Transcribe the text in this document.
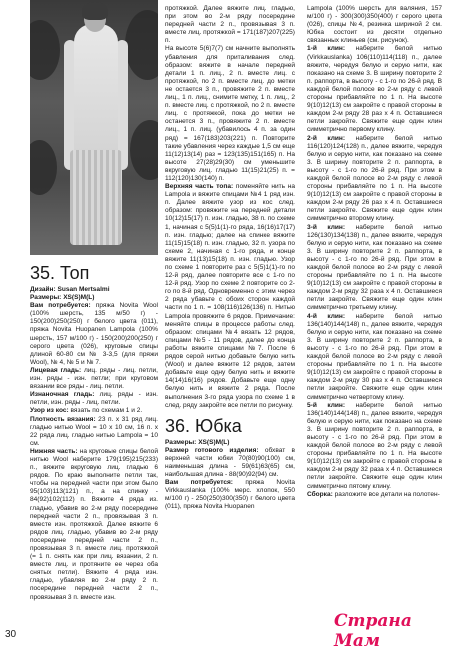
35. Топ

Дизайн: Susan Mertsalmi

Размеры: XS(S)M(L)

Вам потребуется: пряжа Novita Wool (100% шерсть, 135 м/50 г) - 150(200)250(250) г белого цвета (011), пряжа Novita Huopanen Lampola (100% шерсть, 157 м/100 г) - 150(200)200(250) г серого цвета (026), круговые спицы длиной 60-80 см № 3-3,5 (для пряжи Wool), № 4, № 5 и № 7.

Лицевая гладь: лиц. ряды - лиц. петли, изн. ряды - изн. петли; при круговом вязании все ряды - лиц. петли.

Изнаночная гладь: лиц. ряды - изн. петли, изн. ряды - лиц. петли.

Узор из кос: вязать по схемам 1 и 2.

Плотность вязания: 23 п. х 31 ряд лиц. гладью нитью Wool = 10 х 10 см, 16 п. х 22 ряда лиц. гладью нитью Lampola = 10 см.

Нижняя часть: на круговые спицы белой нитью Wool наберите 179(195)215(233) п., вяжите вкруговую лиц. гладью 6 рядов. По краю выполните петли так, чтобы на передней части при этом было 95(103)113(121) п., а на спинку - 84(92)102(112) п. Вяжите 4 ряда из. гладью, убавив во 2-м ряду посередине передней части 2 п., провязывая 3 п. вместе изн. протяжкой. Далее вяжите 6 рядов лиц. гладью, убавив во 2-м ряду посередине передней части 2 п., провязывая 3 п. вместе лиц. протяжкой (= 1 п. снять как при лиц. вязании, 2 п. вместе лиц. и протяните ее через оба снятых петли). Вяжите 4 ряда изн. гладью, убавляя во 2-м ряду 2 п. посередине передней части 2 п., провязывая 3 п. вместе изн.

протяжкой. Далее вяжите лиц. гладью, при этом во 2-м ряду посередине передней части 2 п., провязывая 3 п. вместе лиц. протяжкой = 171(187)207(225) п.

На высоте 5(6)7(7) см начните выполнять убавления для приталивания след. образом: вяжите в начале передней детали 1 п. лиц., 2 п. вместе лиц. с протяжкой, по 2 п. вместе лиц. до метки не остается 3 п., провяжите 2 п. вместе лиц., 1 п. лиц., снимите метку, 1 п. лиц., 2 п. вместе лиц. с протяжкой, по 2 п. вместе лиц. с протяжкой, пока до метки не останется 3 п., провяжите 2 п. вместе лиц., 1 п. лиц. (убавилось 4 п. за один ряд) = 167(183)203(221) п. Повторите такие убавления через каждые 1,5 см еще 11(12)13(14) раз = 123(135)151(165) п. На высоте 27(28)29(30) см уменьшите вкруговую лиц. гладью 11(15)21(25) п. = 112(120)130(140) п.

Верхняя часть топа: поменяйте нить на Lampola и вяжите спицами №4 1 ряд изн. п. Далее вяжите узор из кос след. образом: провяжите на передней детали 10(12)15(17) п. изн. гладью, 38 п. по схеме 1, начиная с 5(5)1(1)-го ряда, 16(16)17(17) п. изн. гладью; далее на спинке вяжите 11(15)15(18) п. изн. гладью, 32 п. узора по схеме 2, начиная с 1-го ряда, и конце вяжите 11(13)15(18) п. изн. гладью. Узор по схеме 1 повторите раз с 5(5)1(1)-го по 12-й ряд, далее повторите все с 1-го по 12-й ряд. Узор по схеме 2 повторите со 2-го по 8-й ряд. Одновременно с этим через 2 ряда убавьте с обоих сторон каждой части по 1 п. = 108(116)126(136) п. Нитью Lampola провяжите 6 рядов. Примечание: меняйте спицы в процессе работы след. образом: спицами №4 вязать 12 рядов, спицами №5 - 11 рядов, далее до конца работы вяжите спицами №7. После 6 рядов серой нитью добавьте белую нить (Wool) и далее вяжите 12 рядов, затем добавьте еще одну белую нить и вяжите 14(14)16(16) рядов. Добавьте еще одну белую нить и вяжите 2 ряда. После выполнения 3-го ряда узора по схеме 1 в след. ряду закройте все петли по рисунку.

36. Юбка

Размеры: XS(S)M(L)

Размер готового изделия: обхват в верхней части юбки 70(80)90(100) см, наименьшая длина - 59(61)63(65) см, наибольшая длина - 88(90)92(94) см.

Вам потребуется: пряжа Novita Virkkauslanka (100% мерс. хлопок, 550 м/100 г) - 250(250)300(350) г белого цвета (011), пряжа Novita Huopanen

Lampola (100% шерсть для валяния, 157 м/100 г) - 300(300)350(400) г серого цвета (026), спицы №4, резинка шириной 2 см. Юбка состоит из десяти отдельно связанных клиньев (см. рисунок).

1-й клин: наберите белой нитью (Virkkauslanka) 106(110)114(118) п., далее вяжите, чередуя белую и серую нити, как показано на схеме 3. В ширину повторите 2 п. раппорта, в высоту - с 1-го по 26-й ряд. В каждой белой полосе во 2-м ряду с левой стороны прибавляйте по 1 п. На высоте 9(10)12(13) см закройте с правой стороны в каждом 2-м ряду 28 раз х 4 п. Оставшиеся петли закройте. Свяжите еще один клин симметрично первому клину.

2-й клин: наберите белой нитью 116(120)124(128) п., далее вяжите, чередуя белую и серую нити, как показано на схеме 3. В ширину повторите 2 п. раппорта, в высоту - с 1-го по 26-й ряд. При этом в каждой белой полосе во 2-м ряду с левой стороны прибавляйте по 1 п. На высоте 9(10)12(13) см закройте с правой стороны в каждом 2-м ряду 26 раз х 4 п. Оставшиеся петли закройте. Свяжите еще один клин симметрично второму клину.

3-й клин: наберите белой нитью 126(130)134(138) п., далее вяжите, чередуя белую и серую нити, как показано на схеме 3. В ширину повторите 2 п. раппорта, в высоту - с 1-го по 26-й ряд. При этом в каждой белой полосе во 2-м ряду с левой стороны прибавляйте по 1 п. На высоте 9(10)12(13) см закройте с правой стороны в каждом 2-м ряду 32 раза х 4 п. Оставшиеся петли закройте. Свяжите еще один клин симметрично третьему клину.

4-й клин: наберите белой нитью 136(140)144(148) п., далее вяжите, чередуя белую и серую нити, как показано на схеме 3. В ширину повторите 2 п. раппорта, в высоту - с 1-го по 26-й ряд. При этом в каждой белой полосе во 2-м ряду с левой стороны прибавляйте по 1 п. На высоте 9(10)12(13) см закройте с правой стороны в каждом 2-м ряду 30 раз х 4 п. Оставшиеся петли закройте. Свяжите еще один клин симметрично четвертому клину.

5-й клин: наберите белой нитью 136(140)144(148) п., далее вяжите, чередуя белую и серую нити, как показано на схеме 3. В ширину повторите 2 п. раппорта, в высоту - с 1-го по 26-й ряд. При этом в каждой белой полосе во 2-м ряду с левой стороны прибавляйте по 1 п. На высоте 9(10)12(13) см закройте с правой стороны в каждом 2-м ряду 32 раза х 4 п. Оставшиеся петли закройте. Свяжите еще один клин симметрично пятому клину.

Сборка: разложите все детали на полотен-

30
Страна Мам
